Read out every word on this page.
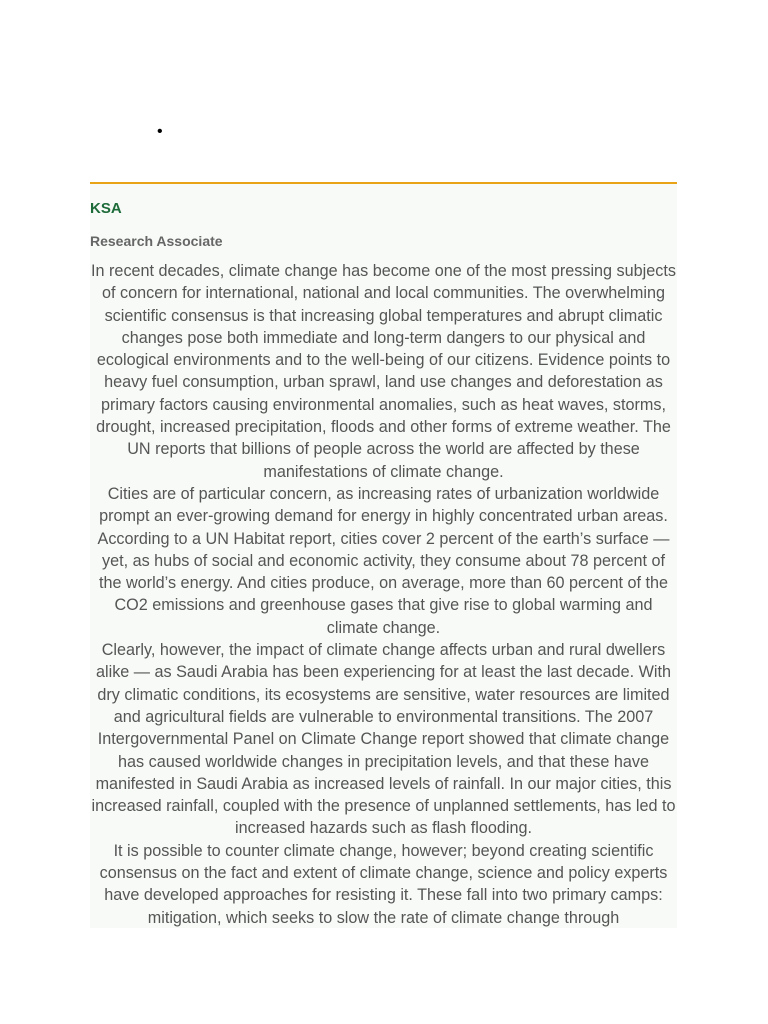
•
KSA
Research Associate

In recent decades, climate change has become one of the most pressing subjects of concern for international, national and local communities. The overwhelming scientific consensus is that increasing global temperatures and abrupt climatic changes pose both immediate and long-term dangers to our physical and ecological environments and to the well-being of our citizens. Evidence points to heavy fuel consumption, urban sprawl, land use changes and deforestation as primary factors causing environmental anomalies, such as heat waves, storms, drought, increased precipitation, floods and other forms of extreme weather. The UN reports that billions of people across the world are affected by these manifestations of climate change.

Cities are of particular concern, as increasing rates of urbanization worldwide prompt an ever-growing demand for energy in highly concentrated urban areas. According to a UN Habitat report, cities cover 2 percent of the earth’s surface — yet, as hubs of social and economic activity, they consume about 78 percent of the world’s energy. And cities produce, on average, more than 60 percent of the CO2 emissions and greenhouse gases that give rise to global warming and climate change.

Clearly, however, the impact of climate change affects urban and rural dwellers alike — as Saudi Arabia has been experiencing for at least the last decade. With dry climatic conditions, its ecosystems are sensitive, water resources are limited and agricultural fields are vulnerable to environmental transitions. The 2007 Intergovernmental Panel on Climate Change report showed that climate change has caused worldwide changes in precipitation levels, and that these have manifested in Saudi Arabia as increased levels of rainfall. In our major cities, this increased rainfall, coupled with the presence of unplanned settlements, has led to increased hazards such as flash flooding.

It is possible to counter climate change, however; beyond creating scientific consensus on the fact and extent of climate change, science and policy experts have developed approaches for resisting it. These fall into two primary camps: mitigation, which seeks to slow the rate of climate change through
